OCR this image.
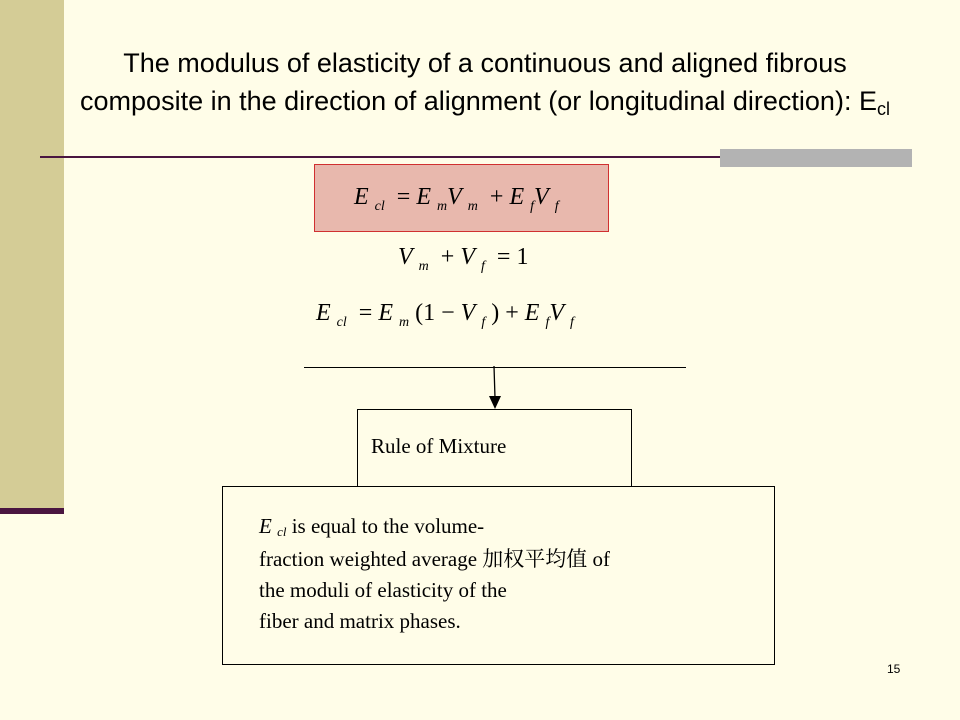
The modulus of elasticity of a continuous and aligned fibrous composite in the direction of alignment (or longitudinal direction): $E_{cl}$
E $_{cl}$ = E $_m$V $_m$ + E $_f$V $_f$
V $_m$ + V $_f$ = 1
E $_{cl}$ = E $_m$ (1 − V $_f$ ) + E $_f$V $_f$
Rule of Mixture
E cl is equal to the volume-
fraction weighted average 加权平均值 of
the moduli of elasticity of the
fiber and matrix phases.
15
